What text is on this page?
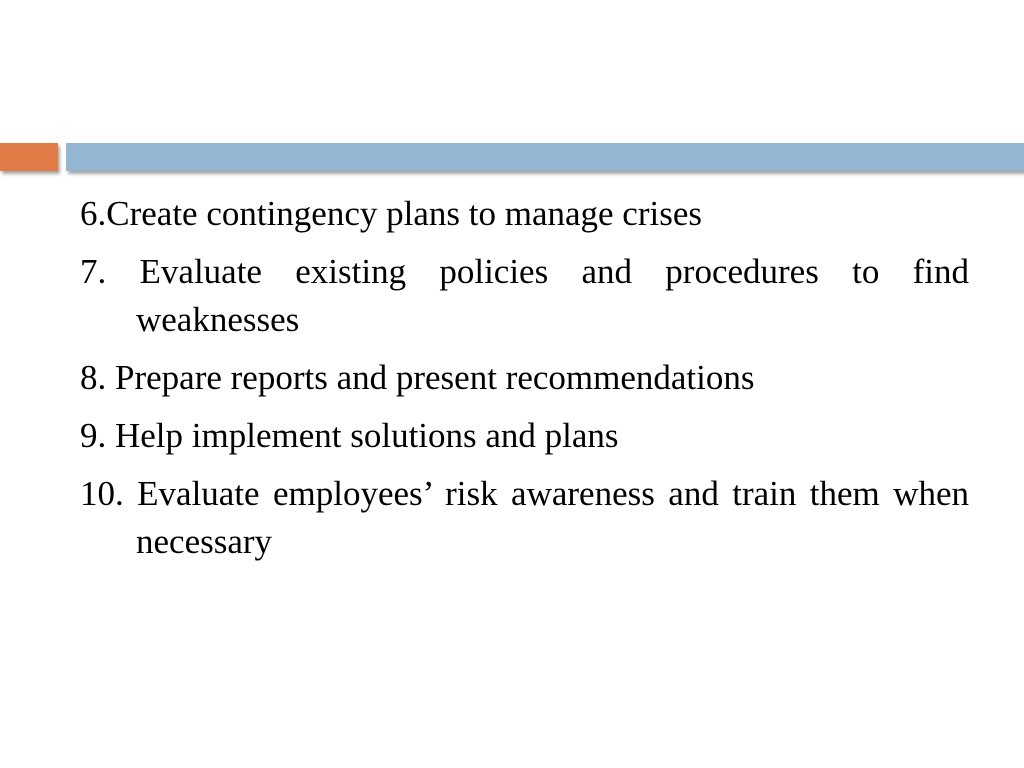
6.Create contingency plans to manage crises
7. Evaluate existing policies and procedures to find weaknesses
8. Prepare reports and present recommendations
9. Help implement solutions and plans
10. Evaluate employees’ risk awareness and train them when necessary
